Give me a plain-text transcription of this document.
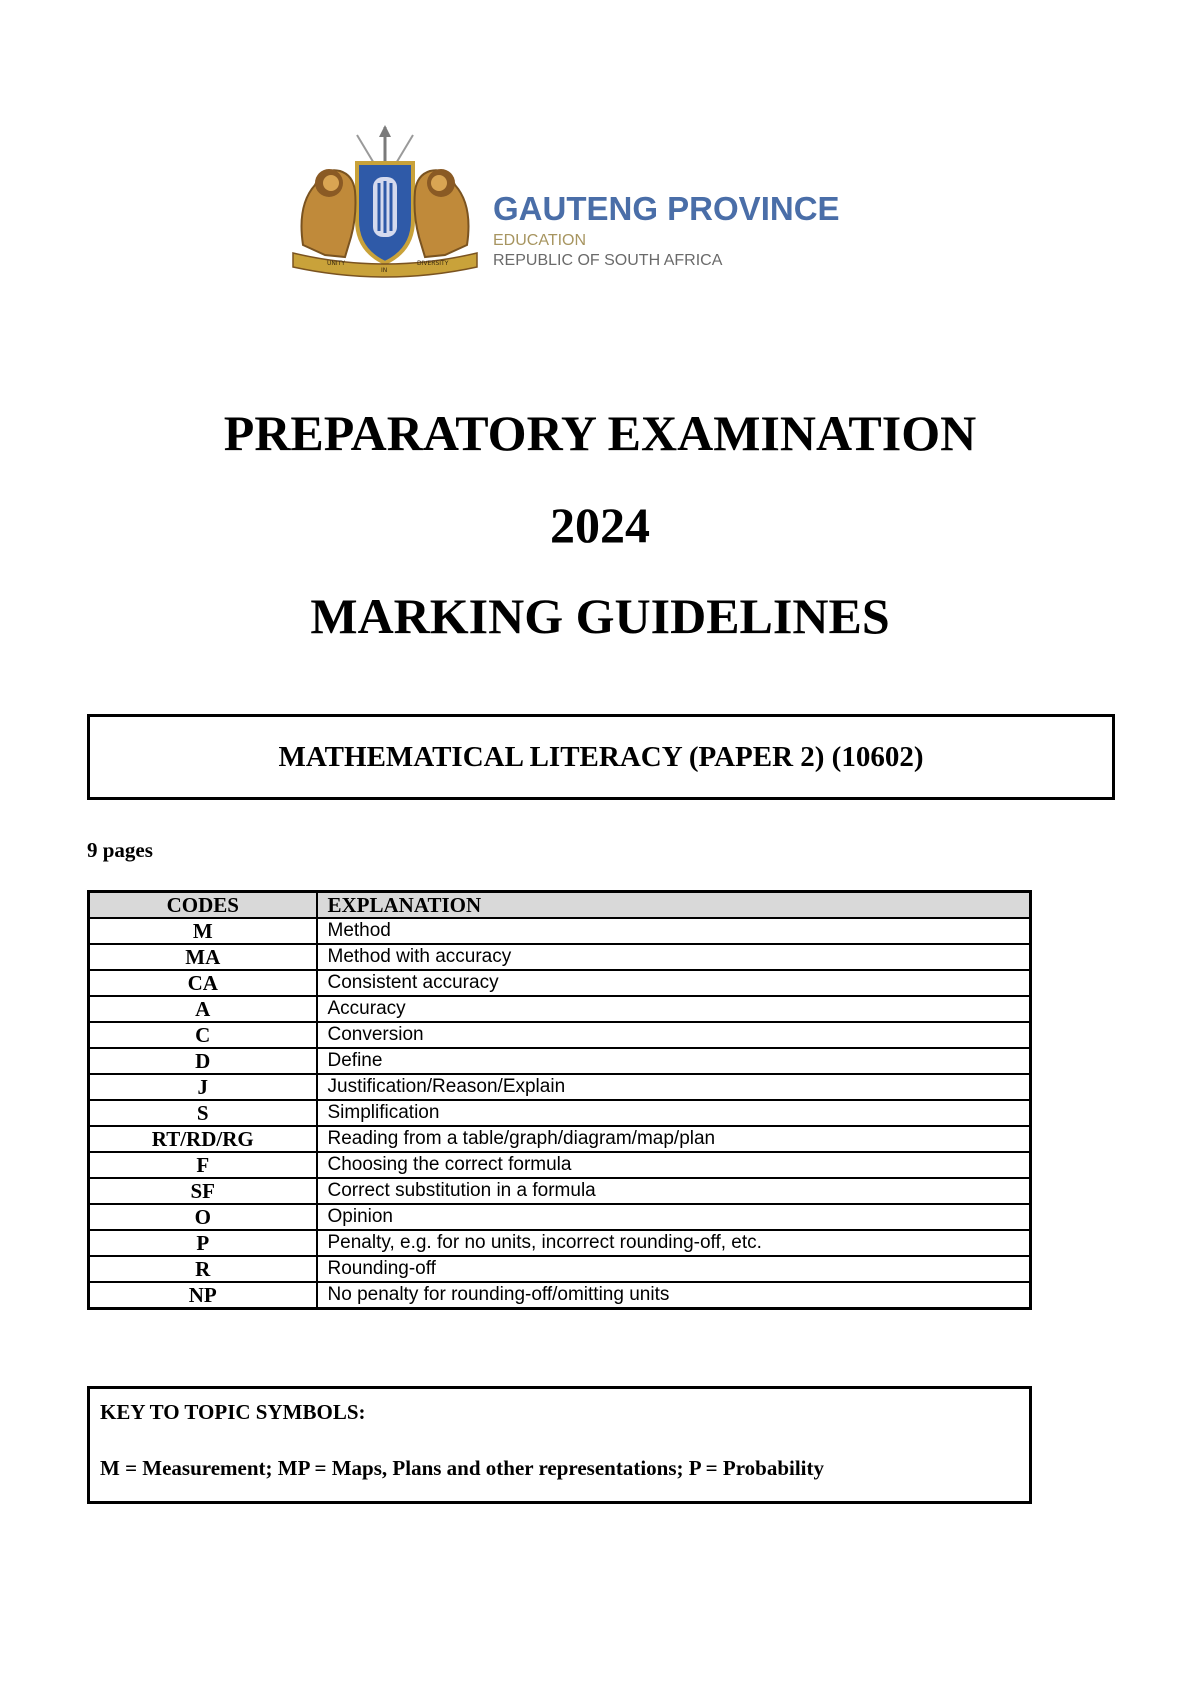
UNITY
IN
DIVERSITY
GAUTENG PROVINCE
EDUCATION
REPUBLIC OF SOUTH AFRICA
PREPARATORY EXAMINATION
2024
MARKING GUIDELINES
MATHEMATICAL LITERACY (PAPER 2) (10602)
9 pages
CODES	EXPLANATION
M	Method
MA	Method with accuracy
CA	Consistent accuracy
A	Accuracy
C	Conversion
D	Define
J	Justification/Reason/Explain
S	Simplification
RT/RD/RG	Reading from a table/graph/diagram/map/plan
F	Choosing the correct formula
SF	Correct substitution in a formula
O	Opinion
P	Penalty, e.g. for no units, incorrect rounding-off, etc.
R	Rounding-off
NP	No penalty for rounding-off/omitting units
KEY TO TOPIC SYMBOLS:
M = Measurement; MP = Maps, Plans and other representations; P = Probability
